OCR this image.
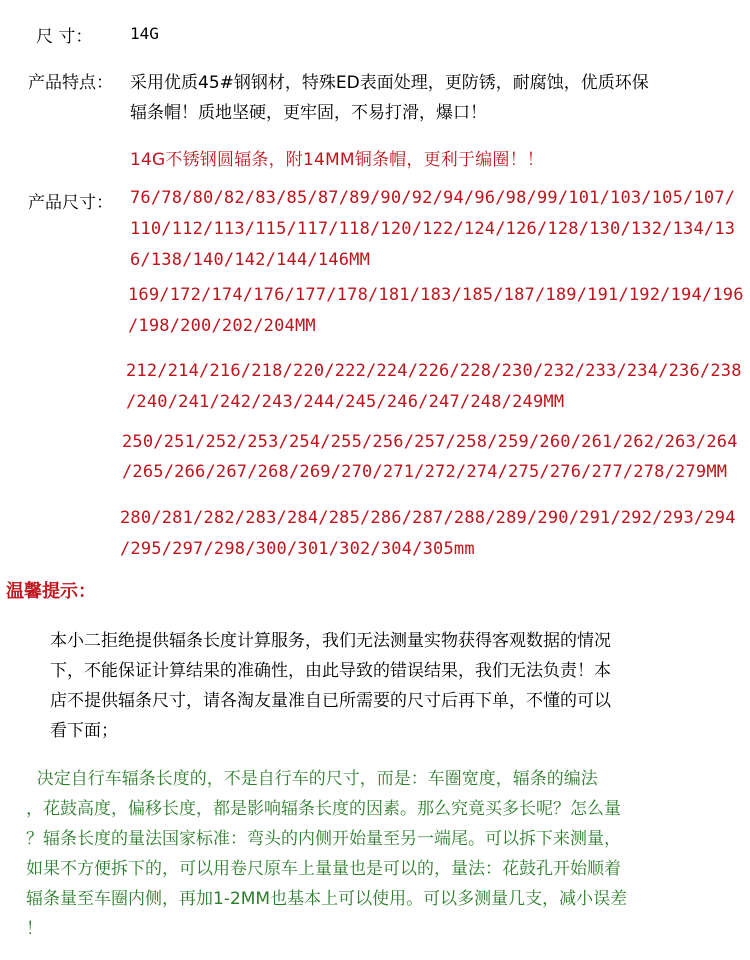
尺 寸： 14G
产品特点： 采用优质45#钢钢材，特殊ED表面处理，更防锈，耐腐蚀，优质环保
辐条帽！质地坚硬，更牢固，不易打滑，爆口！
14G不锈钢圆辐条，附14MM铜条帽，更利于编圈！！
产品尺寸： 76/78/80/82/83/85/87/89/90/92/94/96/98/99/101/103/105/107/
110/112/113/115/117/118/120/122/124/126/128/130/132/134/13
6/138/140/142/144/146MM
169/172/174/176/177/178/181/183/185/187/189/191/192/194/196
/198/200/202/204MM
212/214/216/218/220/222/224/226/228/230/232/233/234/236/238
/240/241/242/243/244/245/246/247/248/249MM
250/251/252/253/254/255/256/257/258/259/260/261/262/263/264
/265/266/267/268/269/270/271/272/274/275/276/277/278/279MM
280/281/282/283/284/285/286/287/288/289/290/291/292/293/294
/295/297/298/300/301/302/304/305mm
温馨提示：
本小二拒绝提供辐条长度计算服务，我们无法测量实物获得客观数据的情况
下，不能保证计算结果的准确性，由此导致的错误结果，我们无法负责！本
店不提供辐条尺寸，请各淘友量准自已所需要的尺寸后再下单，不懂的可以
看下面；
决定自行车辐条长度的，不是自行车的尺寸，而是：车圈宽度，辐条的编法
，花鼓高度，偏移长度，都是影响辐条长度的因素。那么究竟买多长呢？怎么量
？辐条长度的量法国家标准：弯头的内侧开始量至另一端尾。可以拆下来测量，
如果不方便拆下的，可以用卷尺原车上量量也是可以的，量法：花鼓孔开始顺着
辐条量至车圈内侧，再加1-2MM也基本上可以使用。可以多测量几支，减小误差
！
